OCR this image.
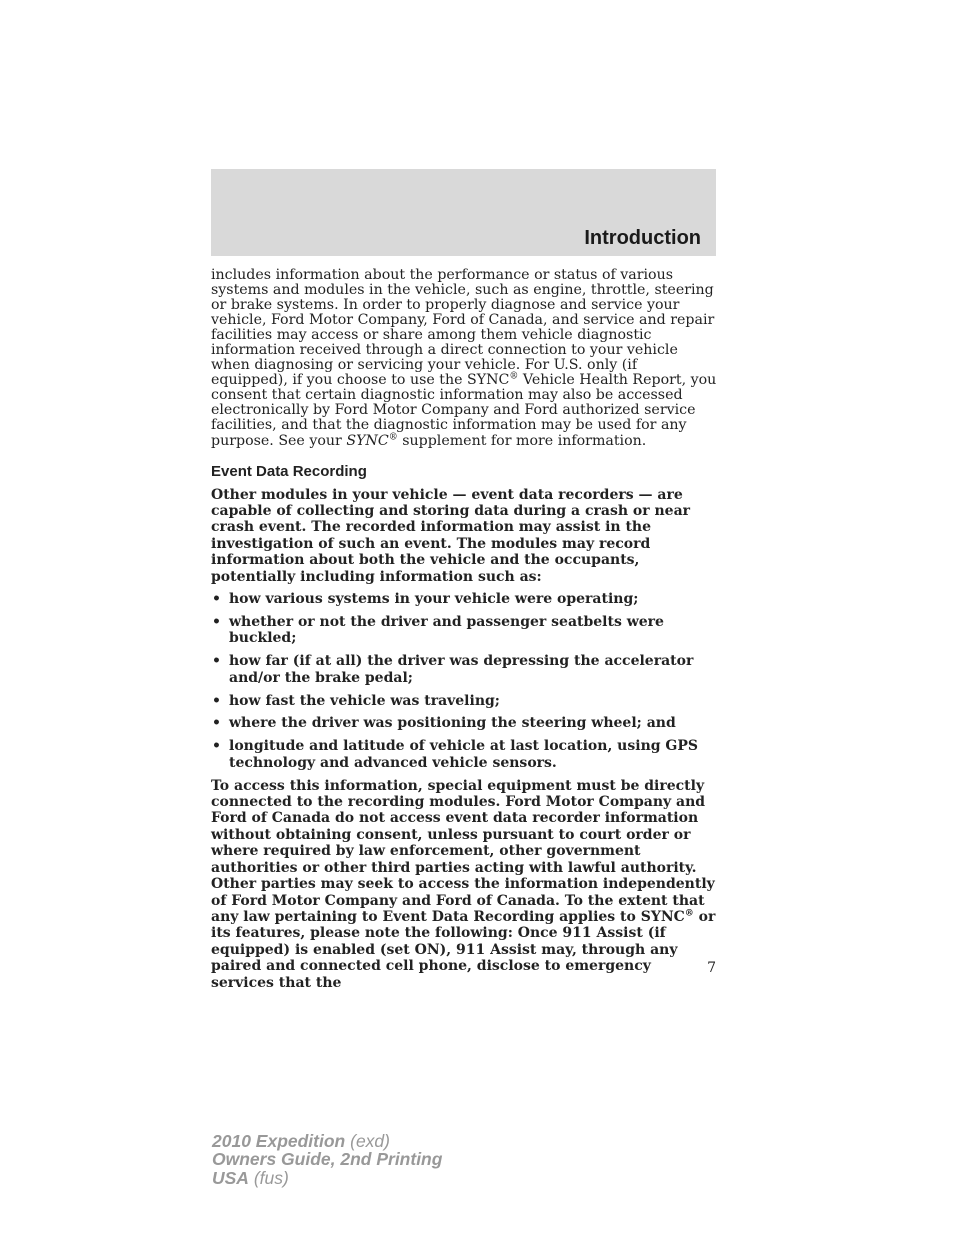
Introduction

includes information about the performance or status of various systems and modules in the vehicle, such as engine, throttle, steering or brake systems. In order to properly diagnose and service your vehicle, Ford Motor Company, Ford of Canada, and service and repair facilities may access or share among them vehicle diagnostic information received through a direct connection to your vehicle when diagnosing or servicing your vehicle. For U.S. only (if equipped), if you choose to use the SYNC® Vehicle Health Report, you consent that certain diagnostic information may also be accessed electronically by Ford Motor Company and Ford authorized service facilities, and that the diagnostic information may be used for any purpose. See your SYNC® supplement for more information.

Event Data Recording

Other modules in your vehicle — event data recorders — are capable of collecting and storing data during a crash or near crash event. The recorded information may assist in the investigation of such an event. The modules may record information about both the vehicle and the occupants, potentially including information such as:

• how various systems in your vehicle were operating;
• whether or not the driver and passenger seatbelts were buckled;
• how far (if at all) the driver was depressing the accelerator and/or the brake pedal;
• how fast the vehicle was traveling;
• where the driver was positioning the steering wheel; and
• longitude and latitude of vehicle at last location, using GPS technology and advanced vehicle sensors.

To access this information, special equipment must be directly connected to the recording modules. Ford Motor Company and Ford of Canada do not access event data recorder information without obtaining consent, unless pursuant to court order or where required by law enforcement, other government authorities or other third parties acting with lawful authority. Other parties may seek to access the information independently of Ford Motor Company and Ford of Canada. To the extent that any law pertaining to Event Data Recording applies to SYNC® or its features, please note the following: Once 911 Assist (if equipped) is enabled (set ON), 911 Assist may, through any paired and connected cell phone, disclose to emergency services that the

7
2010 Expedition (exd)
Owners Guide, 2nd Printing
USA (fus)
